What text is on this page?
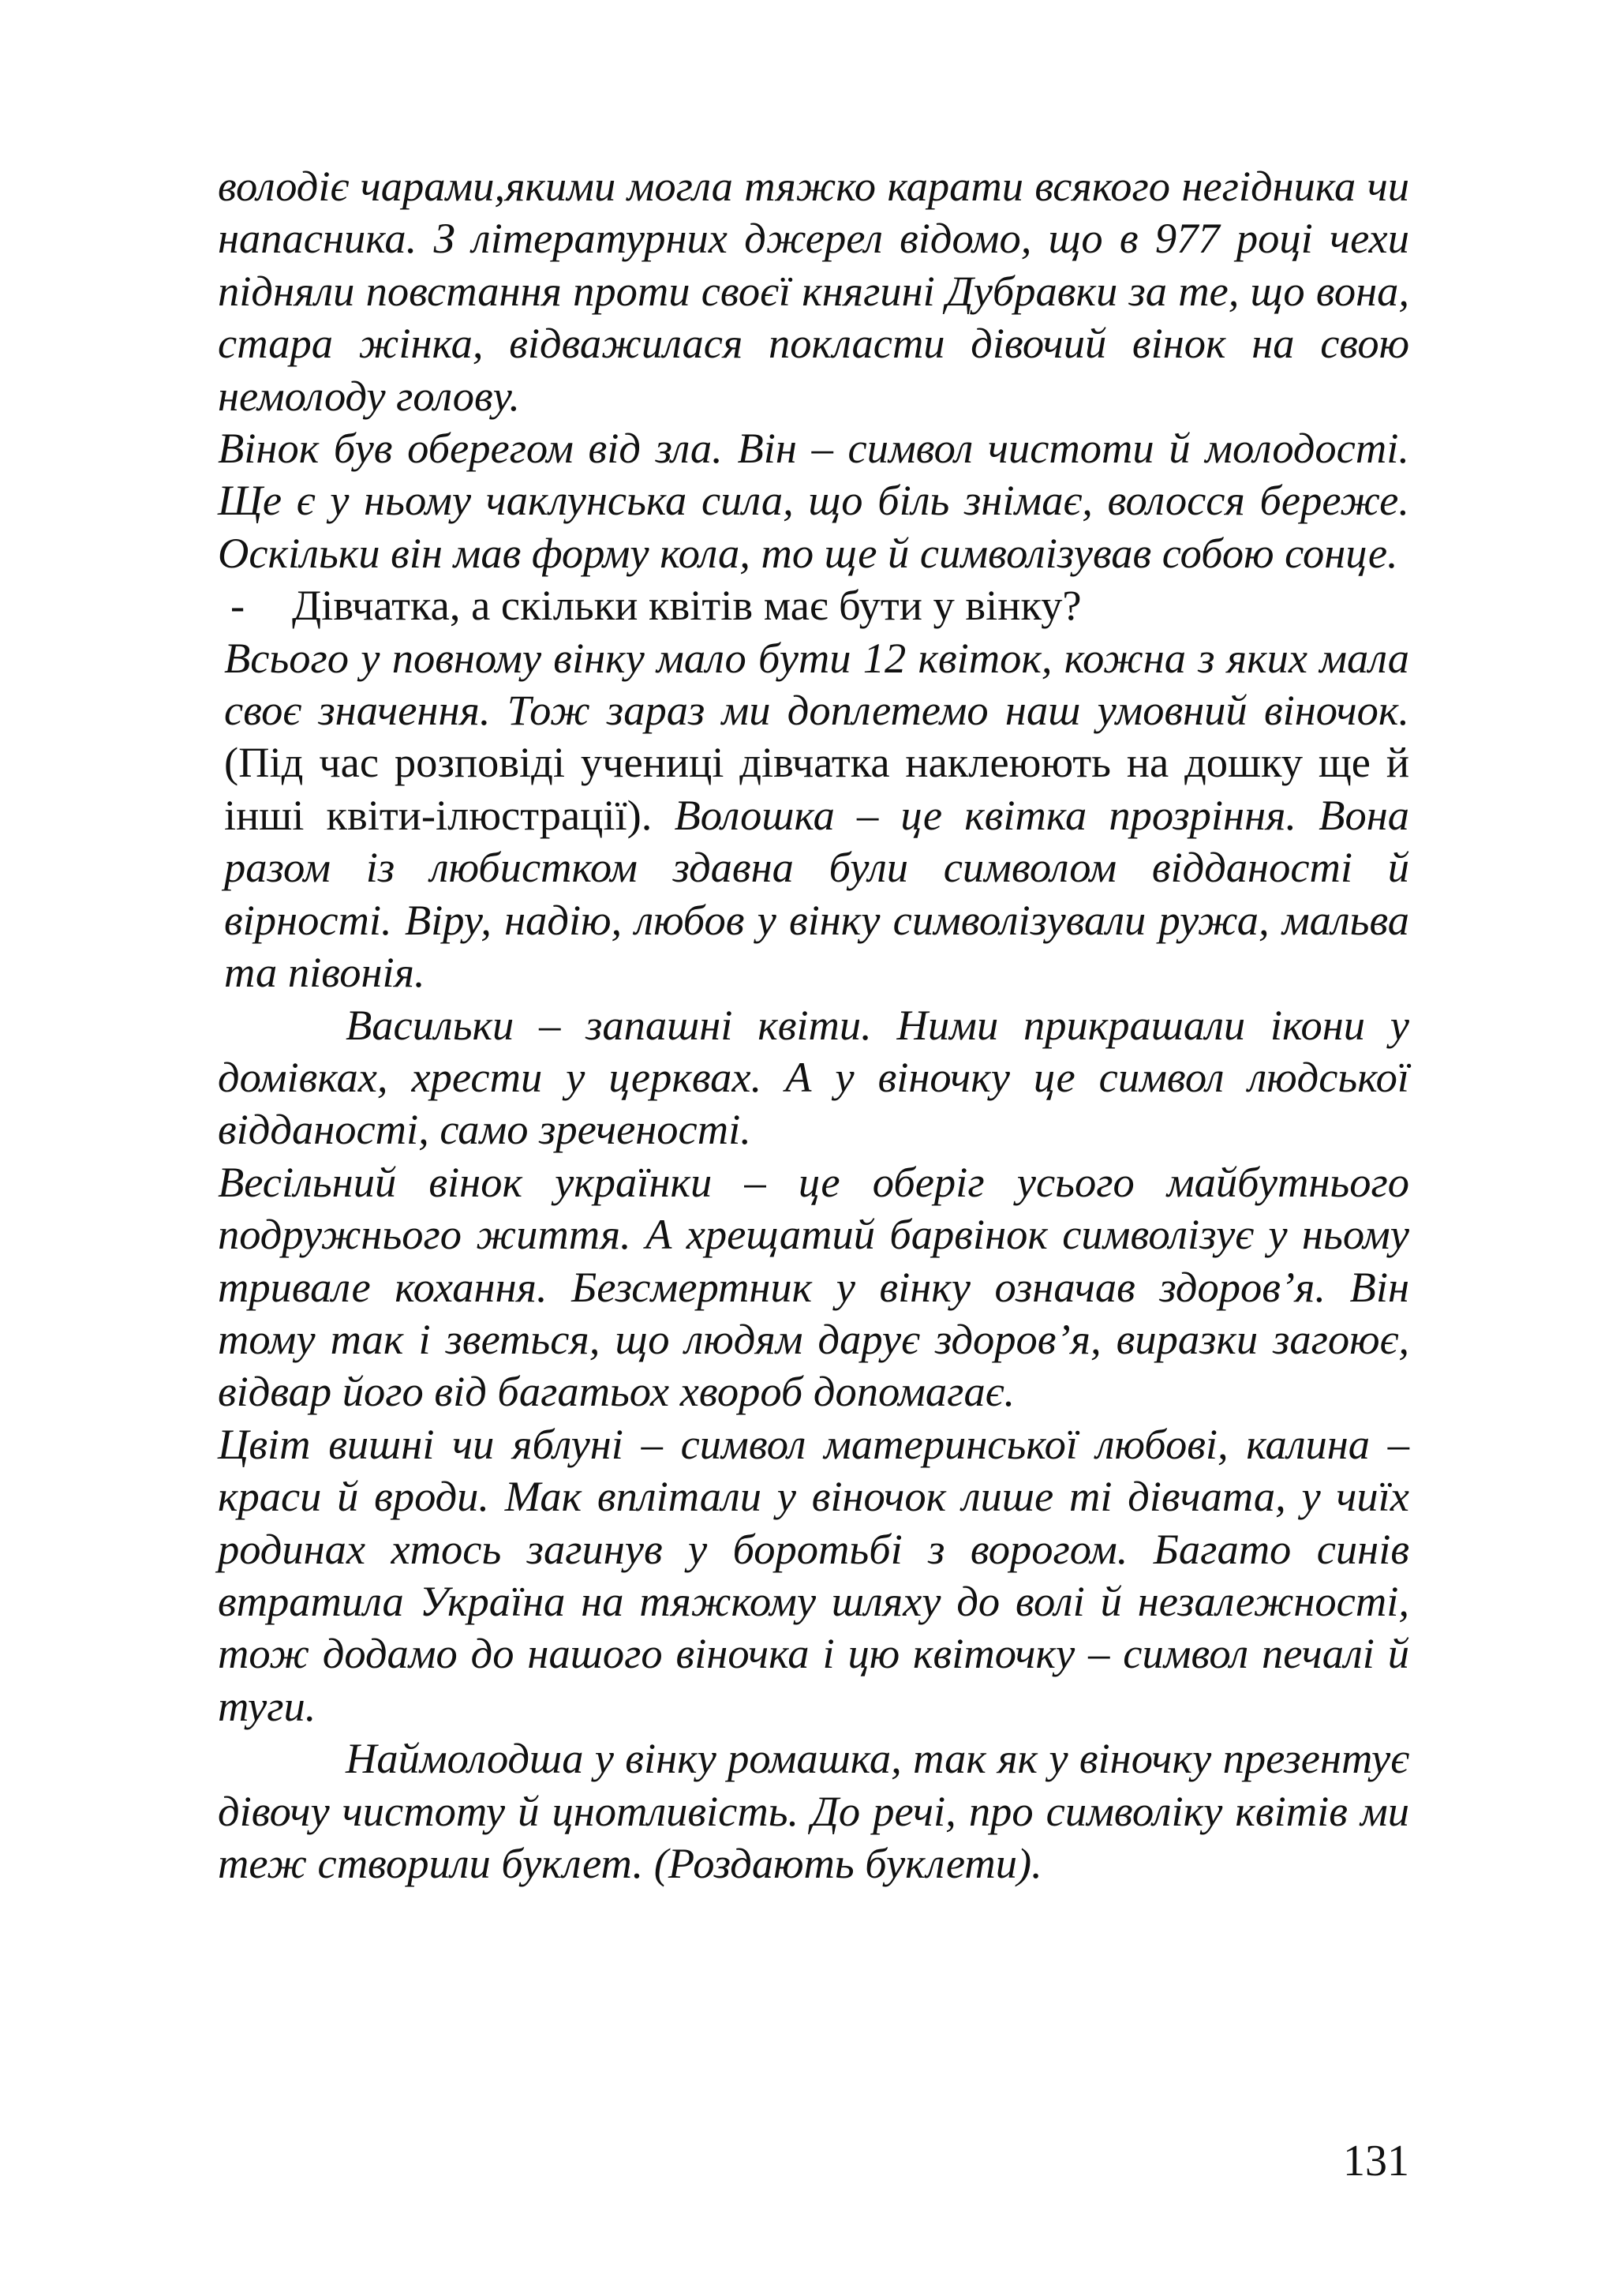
володіє чарами,якими могла тяжко карати всякого негідника чи напасника. З літературних джерел відомо, що в 977 році чехи підняли повстання проти своєї княгині Дубравки за те, що вона, стара жінка, відважилася покласти дівочий вінок на свою немолоду голову.

Вінок був оберегом від зла. Він – символ чистоти й молодості. Ще є у ньому чаклунська сила, що біль знімає, волосся береже. Оскільки він мав форму кола, то ще й символізував собою сонце.

- Дівчатка, а скільки квітів має бути у вінку?

Всього у повному вінку мало бути 12 квіток, кожна з яких мала своє значення. Тож зараз ми доплетемо наш умовний віночок. (Під час розповіді учениці дівчатка наклеюють на дошку ще й інші квіти-ілюстрації). Волошка – це квітка прозріння. Вона разом із любистком здавна були символом відданості й вірності. Віру, надію, любов у вінку символізували ружа, мальва та півонія.

Васильки – запашні квіти. Ними прикрашали ікони у домівках, хрести у церквах. А у віночку це символ людської відданості, само зреченості.

Весільний вінок українки – це оберіг усього майбутнього подружнього життя. А хрещатий барвінок символізує у ньому тривале кохання. Безсмертник у вінку означав здоров’я. Він тому так і зветься, що людям дарує здоров’я, виразки загоює, відвар його від багатьох хвороб допомагає.

Цвіт вишні чи яблуні – символ материнської любові, калина – краси й вроди. Мак вплітали у віночок лише ті дівчата, у чиїх родинах хтось загинув у боротьбі з ворогом. Багато синів втратила Україна на тяжкому шляху до волі й незалежності, тож додамо до нашого віночка і цю квіточку – символ печалі й туги.

Наймолодша у вінку ромашка, так як у віночку презентує дівочу чистоту й цнотливість. До речі, про символіку квітів ми теж створили буклет. (Роздають буклети).

131
